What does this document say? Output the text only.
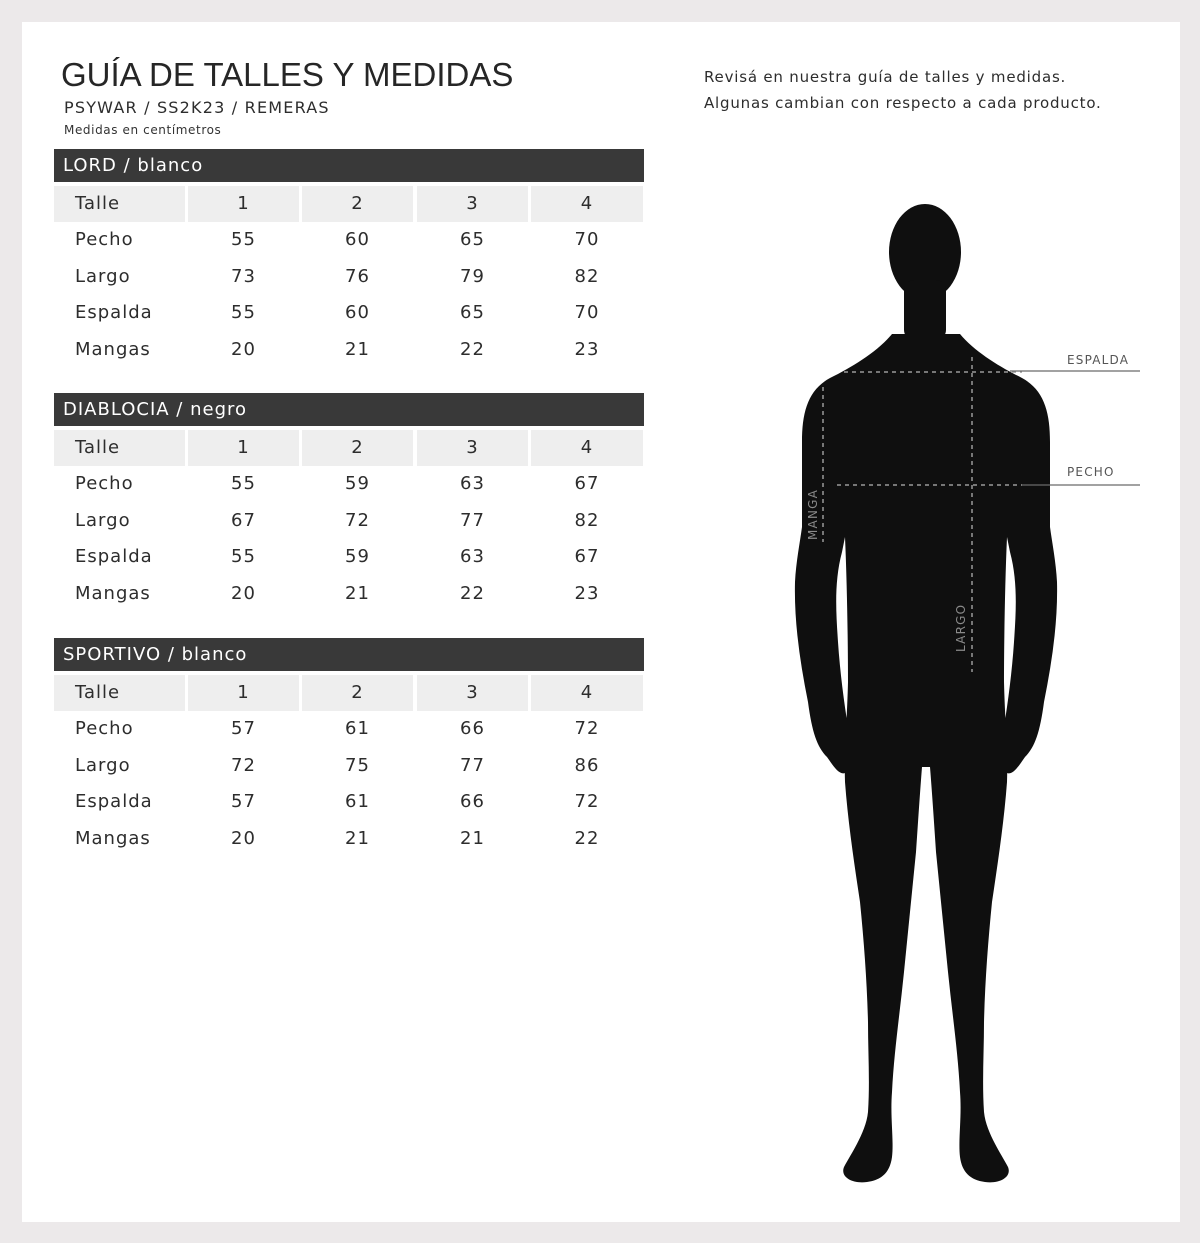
GUÍA DE TALLES Y MEDIDAS
PSYWAR / SS2K23 / REMERAS
Medidas en centímetros
Revisá en nuestra guía de talles y medidas.
Algunas cambian con respecto a cada producto.
LORD / blanco
Talle	1	2	3	4
Pecho	55	60	65	70
Largo	73	76	79	82
Espalda	55	60	65	70
Mangas	20	21	22	23
DIABLOCIA / negro
Talle	1	2	3	4
Pecho	55	59	63	67
Largo	67	72	77	82
Espalda	55	59	63	67
Mangas	20	21	22	23
SPORTIVO / blanco
Talle	1	2	3	4
Pecho	57	61	66	72
Largo	72	75	77	86
Espalda	57	61	66	72
Mangas	20	21	21	22
ESPALDA
PECHO
MANGA
LARGO
